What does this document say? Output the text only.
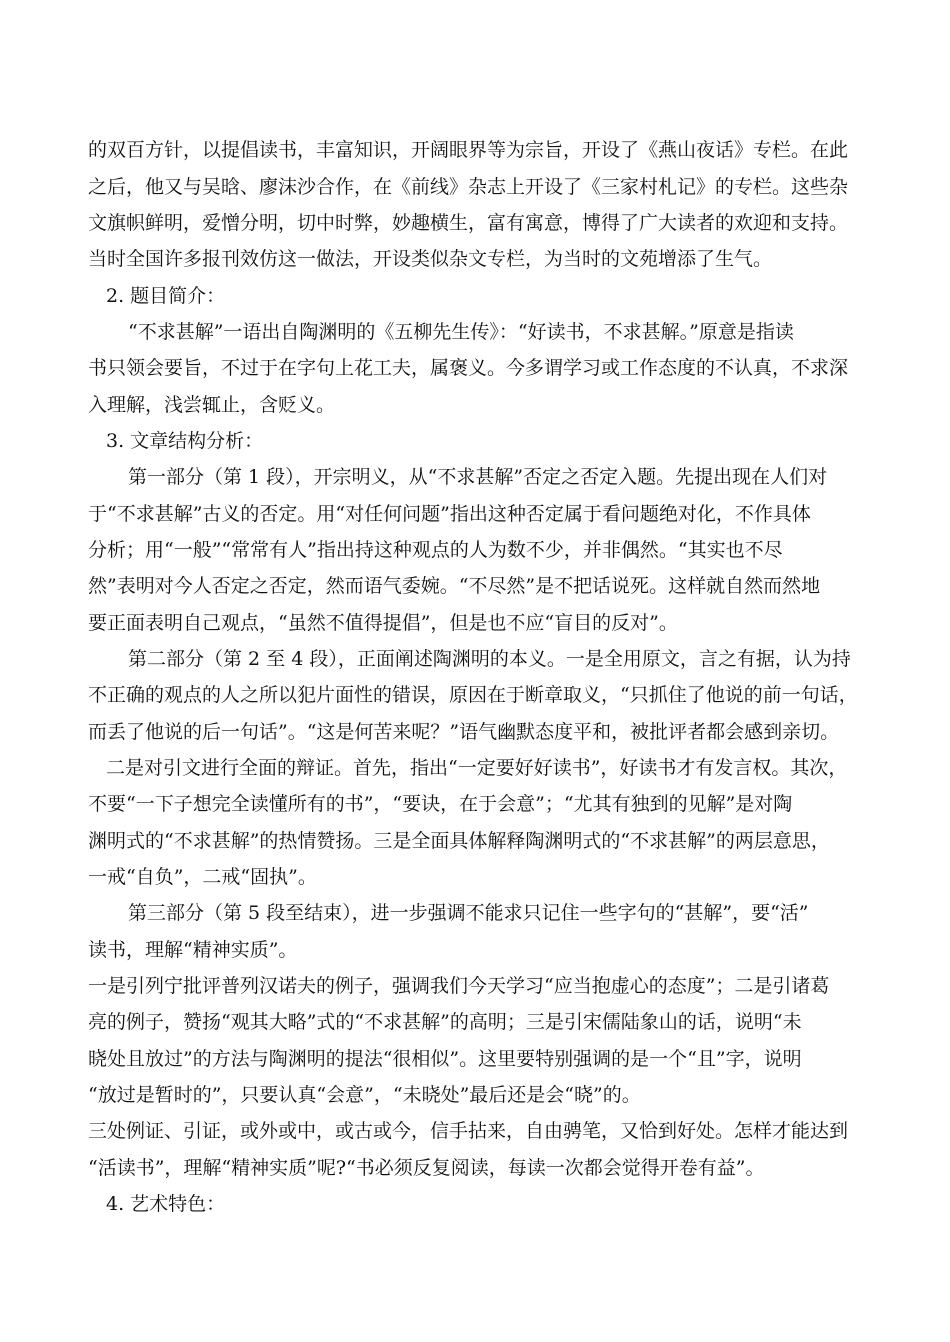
的双百方针，以提倡读书，丰富知识，开阔眼界等为宗旨，开设了《燕山夜话》专栏。在此
之后，他又与吴晗、廖沫沙合作，在《前线》杂志上开设了《三家村札记》的专栏。这些杂
文旗帜鲜明，爱憎分明，切中时弊，妙趣横生，富有寓意，博得了广大读者的欢迎和支持。
当时全国许多报刊效仿这一做法，开设类似杂文专栏，为当时的文苑增添了生气。
2. 题目简介：
“不求甚解”一语出自陶渊明的《五柳先生传》：“好读书，不求甚解。”原意是指读
书只领会要旨，不过于在字句上花工夫，属褒义。今多谓学习或工作态度的不认真，不求深
入理解，浅尝辄止，含贬义。
3. 文章结构分析：
第一部分（第 1 段），开宗明义，从“不求甚解”否定之否定入题。先提出现在人们对
于“不求甚解”古义的否定。用“对任何问题”指出这种否定属于看问题绝对化，不作具体
分析；用“一般”“常常有人”指出持这种观点的人为数不少，并非偶然。“其实也不尽
然”表明对今人否定之否定，然而语气委婉。“不尽然”是不把话说死。这样就自然而然地
要正面表明自己观点，“虽然不值得提倡”，但是也不应“盲目的反对”。
第二部分（第 2 至 4 段），正面阐述陶渊明的本义。一是全用原文，言之有据，认为持
不正确的观点的人之所以犯片面性的错误，原因在于断章取义，“只抓住了他说的前一句话，
而丢了他说的后一句话”。“这是何苦来呢？”语气幽默态度平和，被批评者都会感到亲切。
二是对引文进行全面的辩证。首先，指出“一定要好好读书”，好读书才有发言权。其次，
不要“一下子想完全读懂所有的书”，“要诀，在于会意”；“尤其有独到的见解”是对陶
渊明式的“不求甚解”的热情赞扬。三是全面具体解释陶渊明式的“不求甚解”的两层意思，
一戒“自负”，二戒“固执”。
第三部分（第 5 段至结束），进一步强调不能求只记住一些字句的“甚解”，要“活”
读书，理解“精神实质”。
一是引列宁批评普列汉诺夫的例子，强调我们今天学习“应当抱虚心的态度”；二是引诸葛
亮的例子，赞扬“观其大略”式的“不求甚解”的高明；三是引宋儒陆象山的话，说明“未
晓处且放过”的方法与陶渊明的提法“很相似”。这里要特别强调的是一个“且”字，说明
“放过是暂时的”，只要认真“会意”，“未晓处”最后还是会“晓”的。
三处例证、引证，或外或中，或古或今，信手拈来，自由骋笔，又恰到好处。怎样才能达到
“活读书”，理解“精神实质”呢?“书必须反复阅读，每读一次都会觉得开卷有益”。
4. 艺术特色：
